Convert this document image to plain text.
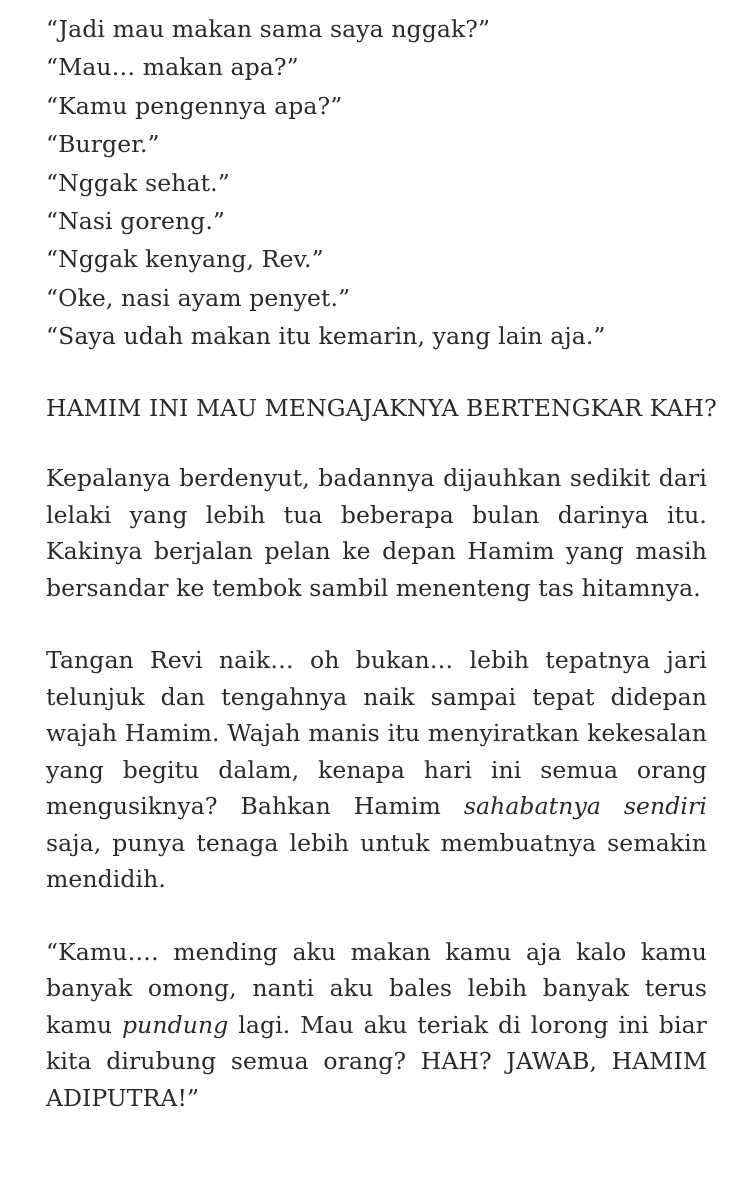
“Jadi mau makan sama saya nggak?”

“Mau… makan apa?”

“Kamu pengennya apa?”

“Burger.”

“Nggak sehat.”

“Nasi goreng.”

“Nggak kenyang, Rev.”

“Oke, nasi ayam penyet.”

“Saya udah makan itu kemarin, yang lain aja.”

HAMIM INI MAU MENGAJAKNYA BERTENGKAR KAH?

Kepalanya berdenyut, badannya dijauhkan sedikit dari lelaki yang lebih tua beberapa bulan darinya itu. Kakinya berjalan pelan ke depan Hamim yang masih bersandar ke tembok sambil menenteng tas hitamnya.

Tangan Revi naik… oh bukan… lebih tepatnya jari telunjuk dan tengahnya naik sampai tepat didepan wajah Hamim. Wajah manis itu menyiratkan kekesalan yang begitu dalam, kenapa hari ini semua orang mengusiknya? Bahkan Hamim sahabatnya sendiri saja, punya tenaga lebih untuk membuatnya semakin mendidih.

“Kamu…. mending aku makan kamu aja kalo kamu banyak omong, nanti aku bales lebih banyak terus kamu pundung lagi. Mau aku teriak di lorong ini biar kita dirubung semua orang? HAH? JAWAB, HAMIM ADIPUTRA!”
